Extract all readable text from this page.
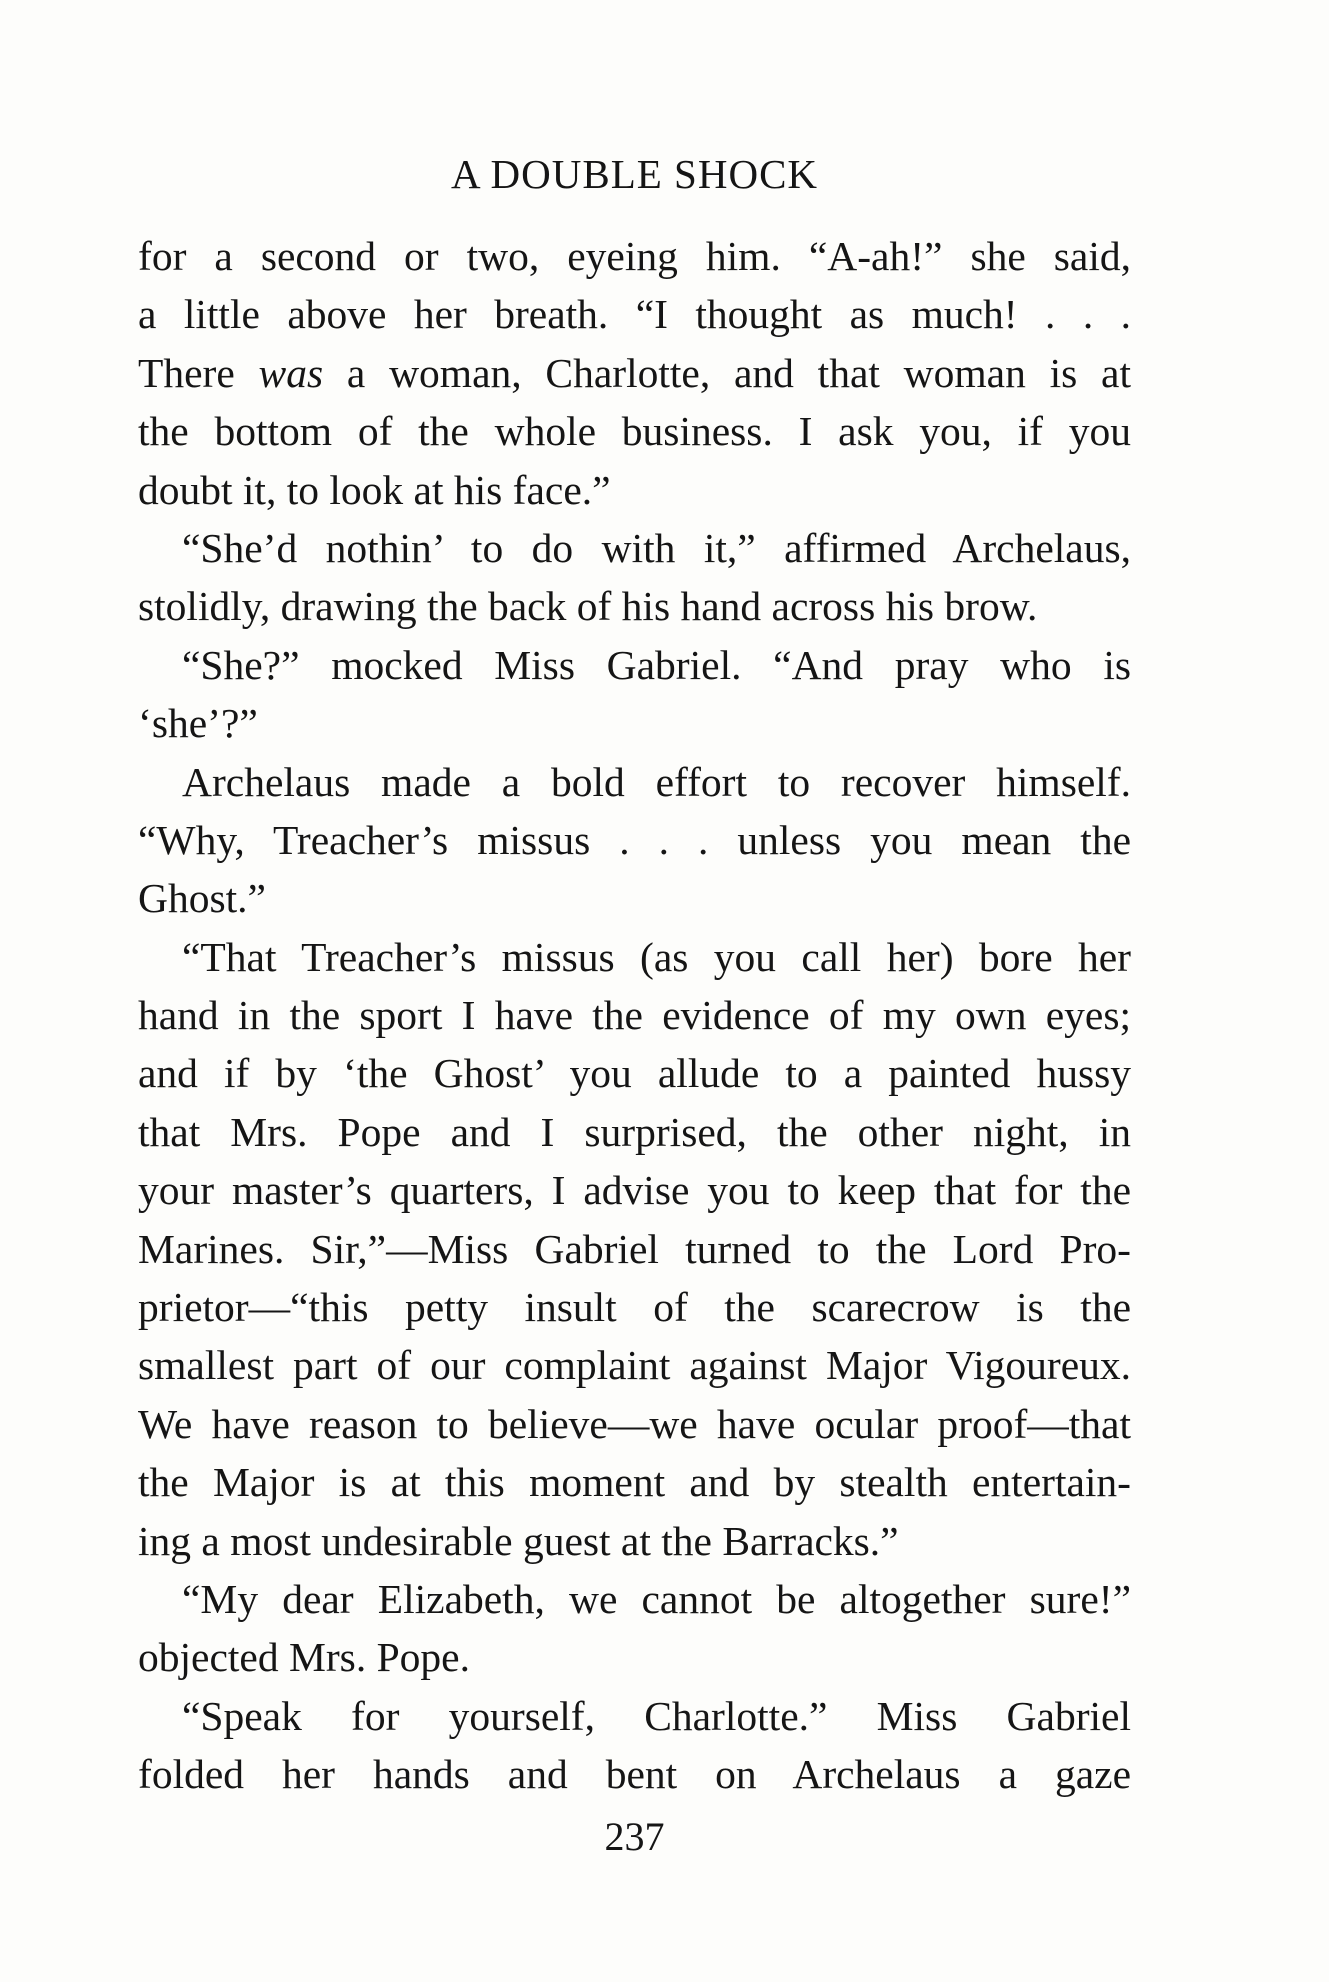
A DOUBLE SHOCK
for a second or two, eyeing him. “A-ah!” she said,
a little above her breath. “I thought as much! . . .
There was a woman, Charlotte, and that woman is at
the bottom of the whole business. I ask you, if you
doubt it, to look at his face.”
“She’d nothin’ to do with it,” affirmed Archelaus,
stolidly, drawing the back of his hand across his brow.
“She?” mocked Miss Gabriel. “And pray who is
‘she’?”
Archelaus made a bold effort to recover himself.
“Why, Treacher’s missus . . . unless you mean the
Ghost.”
“That Treacher’s missus (as you call her) bore her
hand in the sport I have the evidence of my own eyes;
and if by ‘the Ghost’ you allude to a painted hussy
that Mrs. Pope and I surprised, the other night, in
your master’s quarters, I advise you to keep that for the
Marines. Sir,”—Miss Gabriel turned to the Lord Pro-
prietor—“this petty insult of the scarecrow is the
smallest part of our complaint against Major Vigoureux.
We have reason to believe—we have ocular proof—that
the Major is at this moment and by stealth entertain-
ing a most undesirable guest at the Barracks.”
“My dear Elizabeth, we cannot be altogether sure!”
objected Mrs. Pope.
“Speak for yourself, Charlotte.” Miss Gabriel
folded her hands and bent on Archelaus a gaze
237
